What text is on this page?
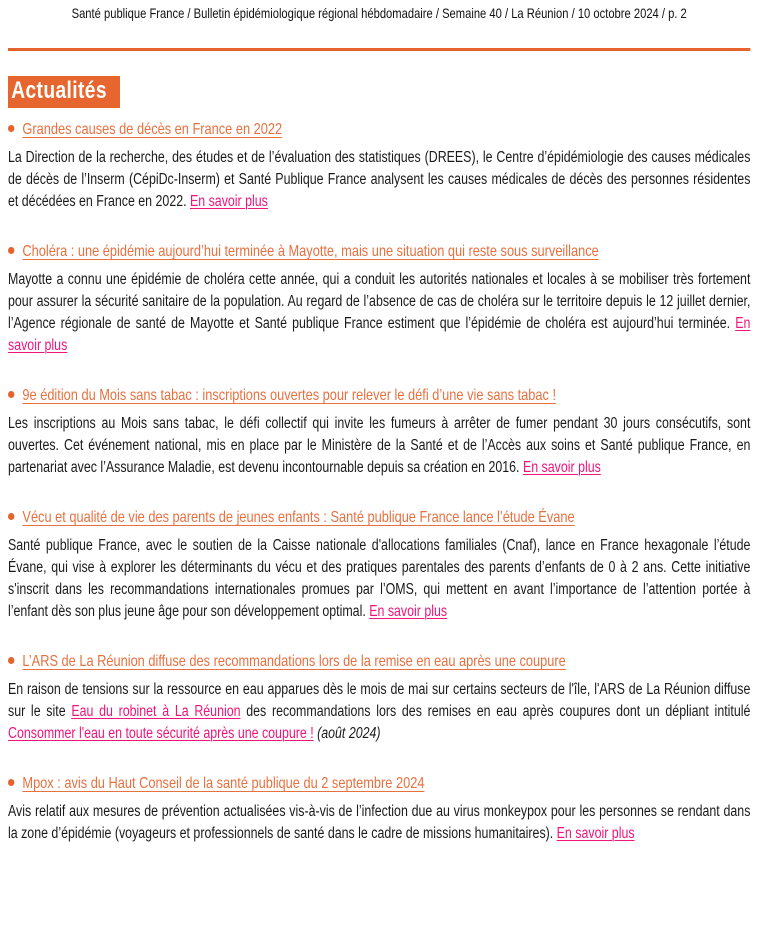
Santé publique France / Bulletin épidémiologique régional hébdomadaire / Semaine 40 / La Réunion / 10 octobre 2024 / p. 2
Actualités
Grandes causes de décès en France en 2022

La Direction de la recherche, des études et de l’évaluation des statistiques (DREES), le Centre d’épidémiologie des causes médicales de décès de l’Inserm (CépiDc-Inserm) et Santé Publique France analysent les causes médicales de décès des personnes résidentes et décédées en France en 2022. En savoir plus

Choléra : une épidémie aujourd’hui terminée à Mayotte, mais une situation qui reste sous surveillance

Mayotte a connu une épidémie de choléra cette année, qui a conduit les autorités nationales et locales à se mobiliser très fortement pour assurer la sécurité sanitaire de la population. Au regard de l’absence de cas de choléra sur le territoire depuis le 12 juillet dernier, l’Agence régionale de santé de Mayotte et Santé publique France estiment que l’épidémie de choléra est aujourd’hui terminée. En savoir plus

9e édition du Mois sans tabac : inscriptions ouvertes pour relever le défi d’une vie sans tabac !

Les inscriptions au Mois sans tabac, le défi collectif qui invite les fumeurs à arrêter de fumer pendant 30 jours consécutifs, sont ouvertes. Cet événement national, mis en place par le Ministère de la Santé et de l’Accès aux soins et Santé publique France, en partenariat avec l’Assurance Maladie, est devenu incontournable depuis sa création en 2016. En savoir plus

Vécu et qualité de vie des parents de jeunes enfants : Santé publique France lance l’étude Évane

Santé publique France, avec le soutien de la Caisse nationale d'allocations familiales (Cnaf), lance en France hexagonale l’étude Évane, qui vise à explorer les déterminants du vécu et des pratiques parentales des parents d’enfants de 0 à 2 ans. Cette initiative s'inscrit dans les recommandations internationales promues par l’OMS, qui mettent en avant l’importance de l’attention portée à l’enfant dès son plus jeune âge pour son développement optimal. En savoir plus

L’ARS de La Réunion diffuse des recommandations lors de la remise en eau après une coupure

En raison de tensions sur la ressource en eau apparues dès le mois de mai sur certains secteurs de l'île, l'ARS de La Réunion diffuse sur le site Eau du robinet à La Réunion des recommandations lors des remises en eau après coupures dont un dépliant intitulé Consommer l'eau en toute sécurité après une coupure ! (août 2024)

Mpox : avis du Haut Conseil de la santé publique du 2 septembre 2024

Avis relatif aux mesures de prévention actualisées vis-à-vis de l’infection due au virus monkeypox pour les personnes se rendant dans la zone d’épidémie (voyageurs et professionnels de santé dans le cadre de missions humanitaires). En savoir plus
